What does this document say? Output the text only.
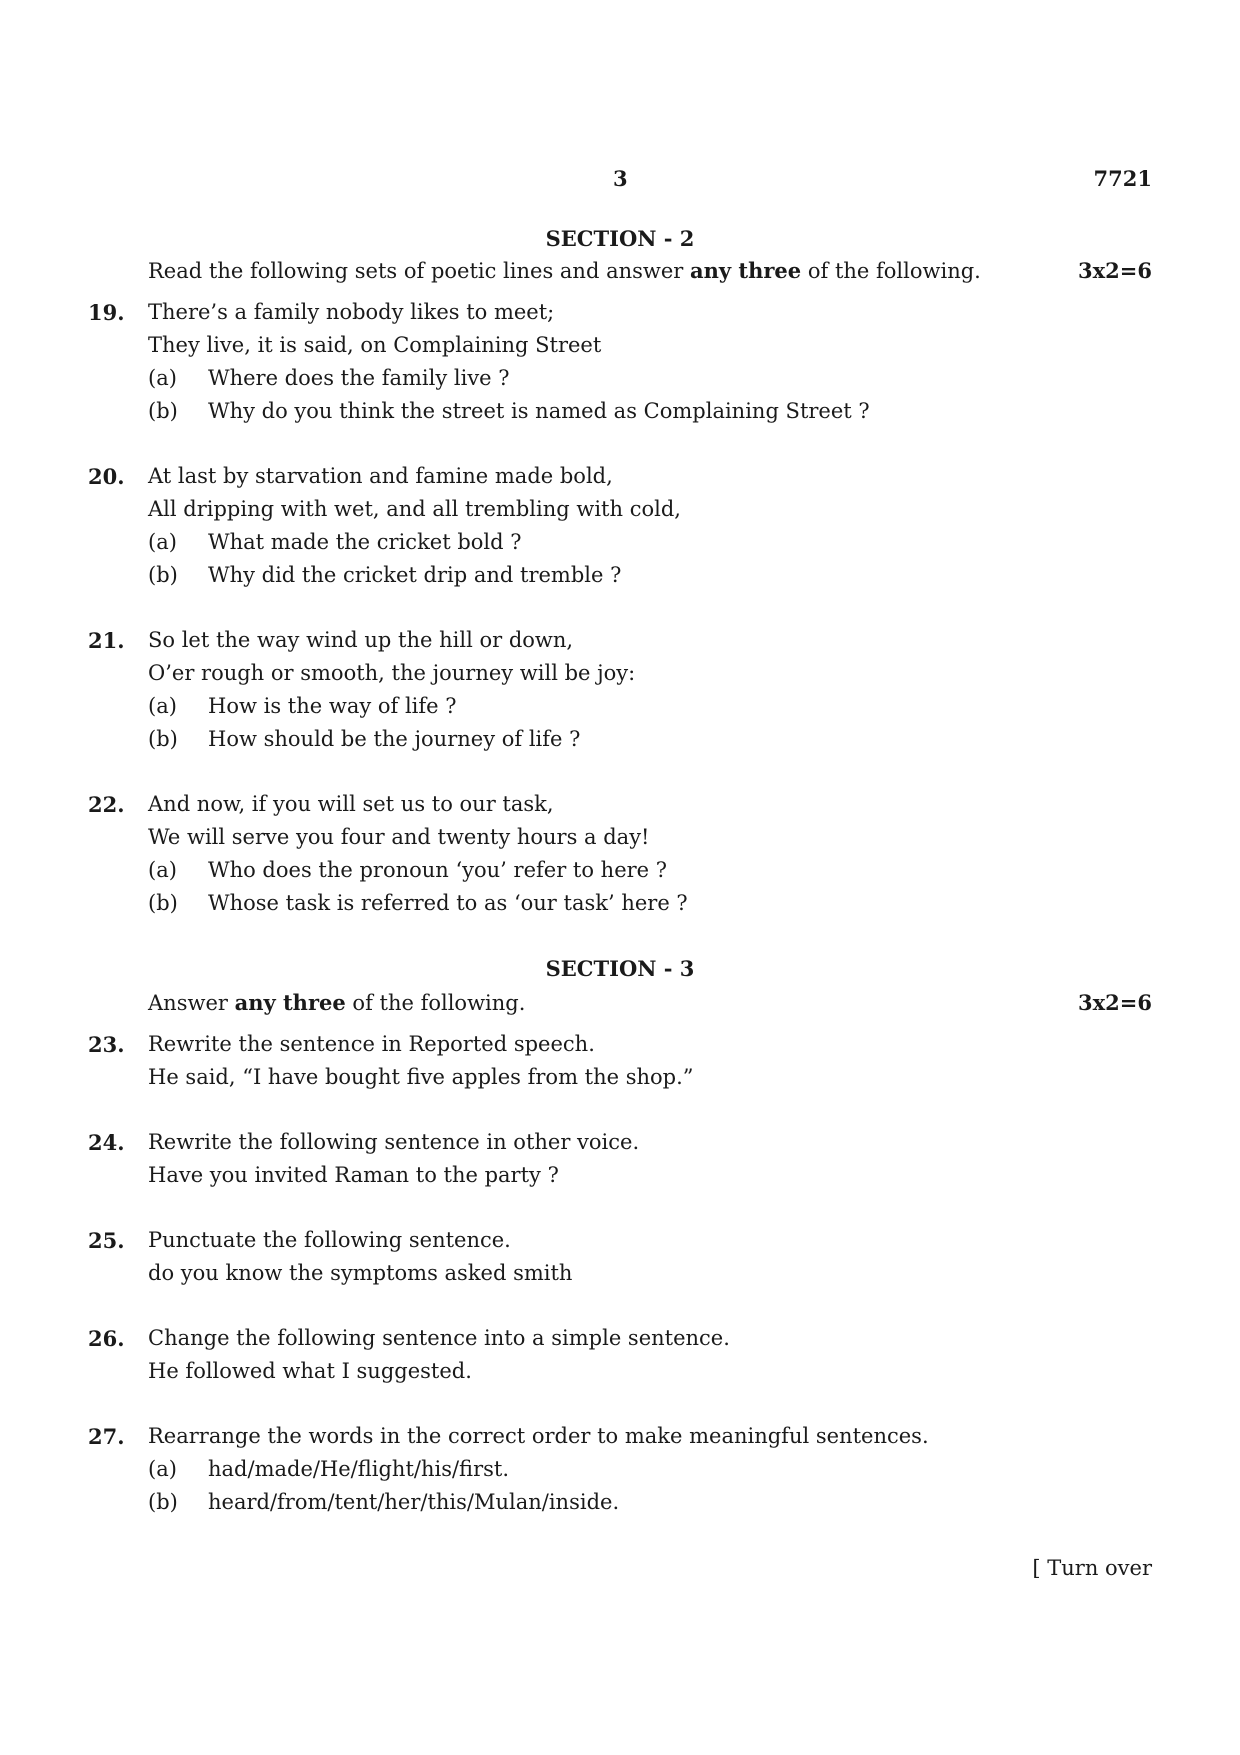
3	7721
SECTION - 2
Read the following sets of poetic lines and answer any three of the following.	3x2=6
19. There’s a family nobody likes to meet;
They live, it is said, on Complaining Street
(a) Where does the family live ?
(b) Why do you think the street is named as Complaining Street ?
20. At last by starvation and famine made bold,
All dripping with wet, and all trembling with cold,
(a) What made the cricket bold ?
(b) Why did the cricket drip and tremble ?
21. So let the way wind up the hill or down,
O’er rough or smooth, the journey will be joy:
(a) How is the way of life ?
(b) How should be the journey of life ?
22. And now, if you will set us to our task,
We will serve you four and twenty hours a day!
(a) Who does the pronoun ‘you’ refer to here ?
(b) Whose task is referred to as ‘our task’ here ?
SECTION - 3
Answer any three of the following.	3x2=6
23. Rewrite the sentence in Reported speech.
He said, “I have bought five apples from the shop.”
24. Rewrite the following sentence in other voice.
Have you invited Raman to the party ?
25. Punctuate the following sentence.
do you know the symptoms asked smith
26. Change the following sentence into a simple sentence.
He followed what I suggested.
27. Rearrange the words in the correct order to make meaningful sentences.
(a) had/made/He/flight/his/first.
(b) heard/from/tent/her/this/Mulan/inside.
[ Turn over
